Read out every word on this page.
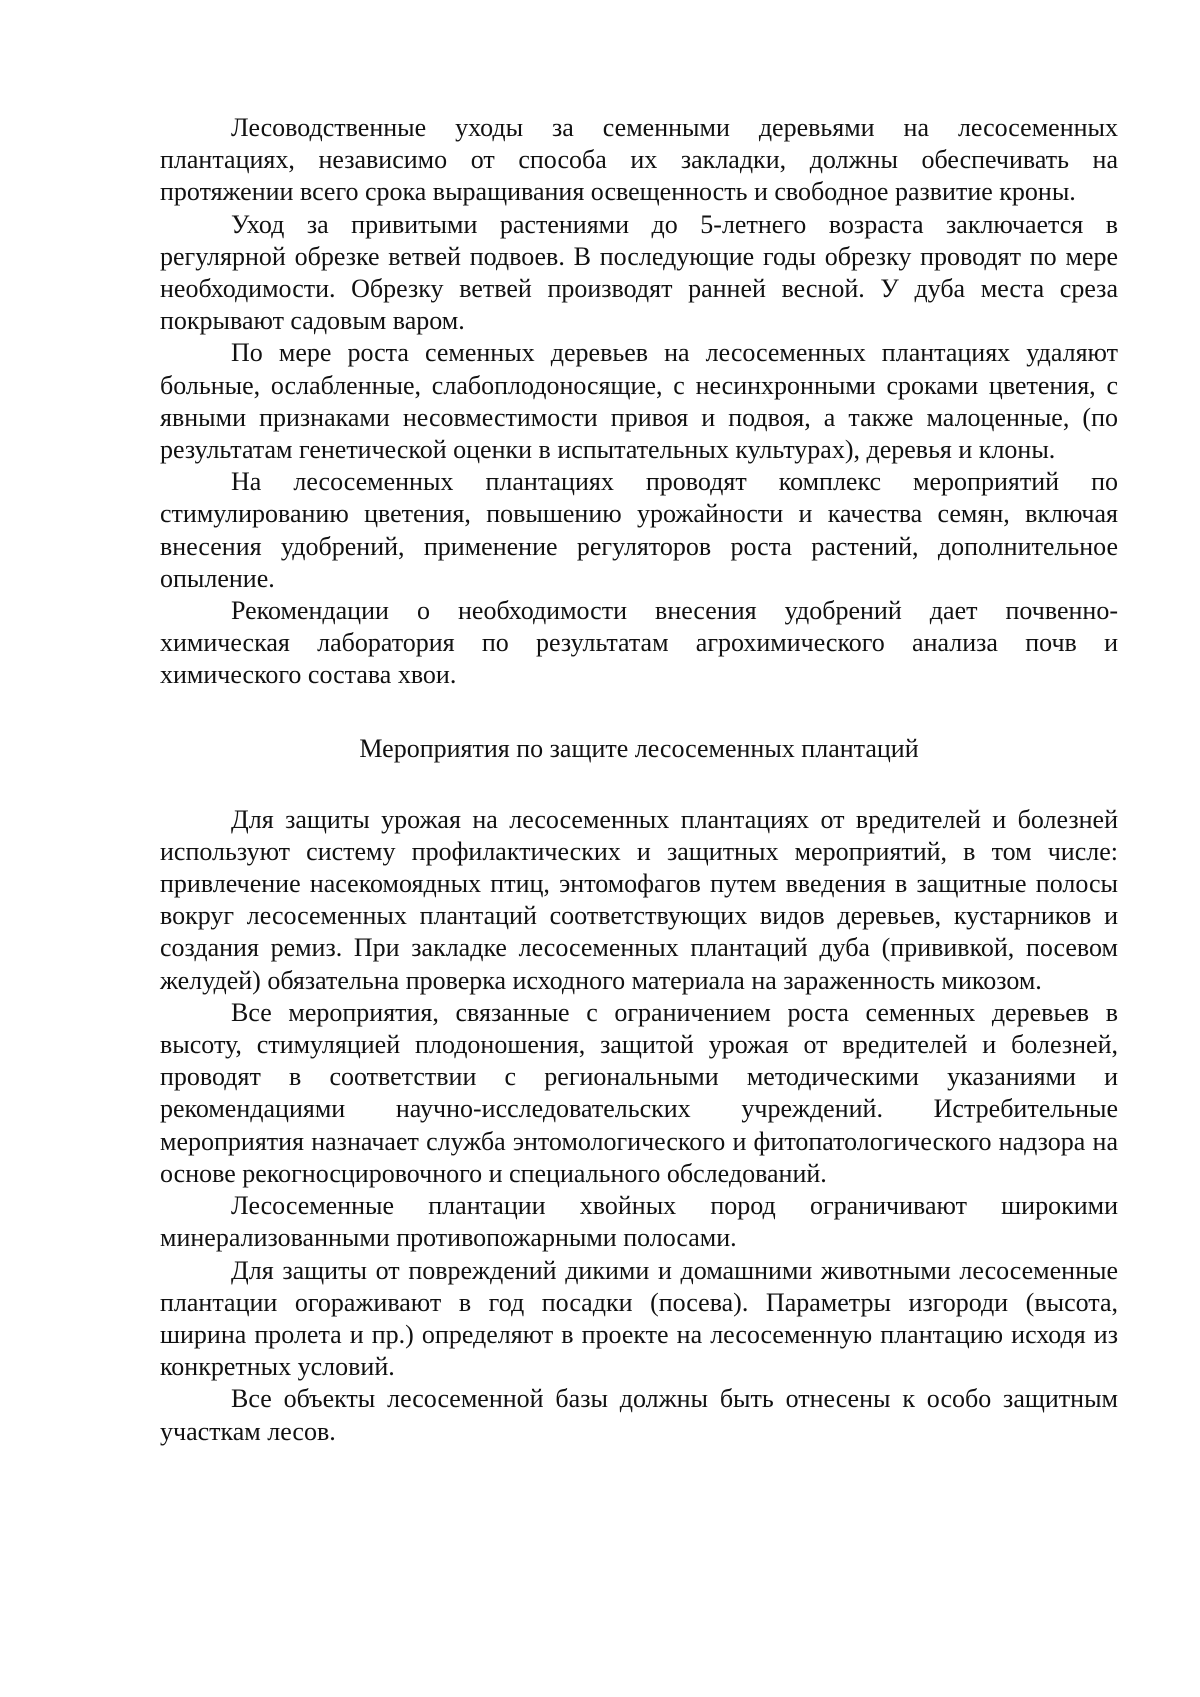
Лесоводственные уходы за семенными деревьями на лесосеменных плантациях, независимо от способа их закладки, должны обеспечивать на протяжении всего срока выращивания освещенность и свободное развитие кроны.

Уход за привитыми растениями до 5-летнего возраста заключается в регулярной обрезке ветвей подвоев. В последующие годы обрезку проводят по мере необходимости. Обрезку ветвей производят ранней весной. У дуба места среза покрывают садовым варом.

По мере роста семенных деревьев на лесосеменных плантациях удаляют больные, ослабленные, слабоплодоносящие, с несинхронными сроками цветения, с явными признаками несовместимости привоя и подвоя, а также малоценные, (по результатам генетической оценки в испытательных культурах), деревья и клоны.

На лесосеменных плантациях проводят комплекс мероприятий по стимулированию цветения, повышению урожайности и качества семян, включая внесения удобрений, применение регуляторов роста растений, дополнительное опыление.

Рекомендации о необходимости внесения удобрений дает почвенно-химическая лаборатория по результатам агрохимического анализа почв и химического состава хвои.

Мероприятия по защите лесосеменных плантаций

Для защиты урожая на лесосеменных плантациях от вредителей и болезней используют систему профилактических и защитных мероприятий, в том числе: привлечение насекомоядных птиц, энтомофагов путем введения в защитные полосы вокруг лесосеменных плантаций соответствующих видов деревьев, кустарников и создания ремиз. При закладке лесосеменных плантаций дуба (прививкой, посевом желудей) обязательна проверка исходного материала на зараженность микозом.

Все мероприятия, связанные с ограничением роста семенных деревьев в высоту, стимуляцией плодоношения, защитой урожая от вредителей и болезней, проводят в соответствии с региональными методическими указаниями и рекомендациями научно-исследовательских учреждений. Истребительные мероприятия назначает служба энтомологического и фитопатологического надзора на основе рекогносцировочного и специального обследований.

Лесосеменные плантации хвойных пород ограничивают широкими минерализованными противопожарными полосами.

Для защиты от повреждений дикими и домашними животными лесосеменные плантации огораживают в год посадки (посева). Параметры изгороди (высота, ширина пролета и пр.) определяют в проекте на лесосеменную плантацию исходя из конкретных условий.

Все объекты лесосеменной базы должны быть отнесены к особо защитным участкам лесов.
